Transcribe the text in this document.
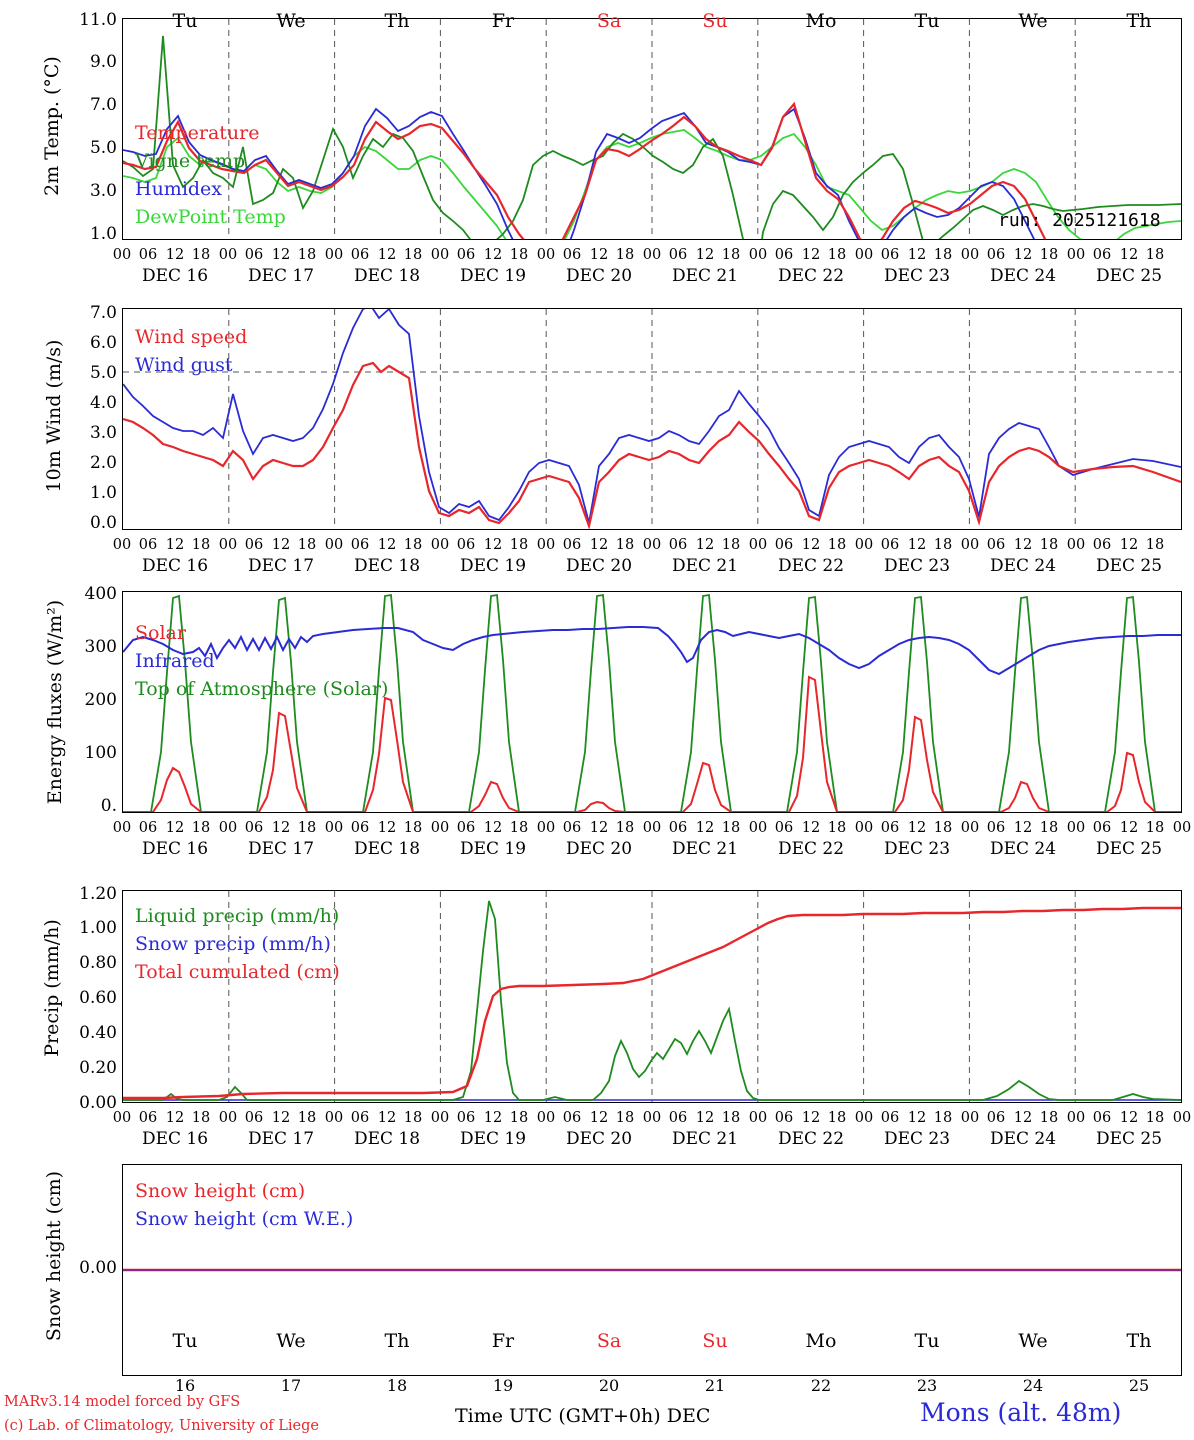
2m Temp. (°C)
11.0
9.0
7.0
5.0
3.0
1.0
Temperature
Vigne temp
Humidex
DewPoint Temp	run: 2025121618
Tu	We	Th	Fr	Sa	Su	Mo	Tu	We	Th
00 06 12 18 00 06 12 18 00 06 12 18 00 06 12 18 00 06 12 18 00 06 12 18 00 06 12 18 00 06 12 18 00 06 12 18 00 06 12 18
DEC 16	DEC 17	DEC 18	DEC 19	DEC 20	DEC 21	DEC 22	DEC 23	DEC 24	DEC 25
10m Wind (m/s)
7.0
6.0
5.0
4.0
3.0
2.0
1.0
0.0
Wind speed
Wind gust
00 06 12 18 00 06 12 18 00 06 12 18 00 06 12 18 00 06 12 18 00 06 12 18 00 06 12 18 00 06 12 18 00 06 12 18 00 06 12 18
DEC 16	DEC 17	DEC 18	DEC 19	DEC 20	DEC 21	DEC 22	DEC 23	DEC 24	DEC 25
Energy fluxes (W/m²)
400
300
200
100
0.
Solar
Infrared
Top of Atmosphere (Solar)
00 06 12 18 00 06 12 18 00 06 12 18 00 06 12 18 00 06 12 18 00 06 12 18 00 06 12 18 00 06 12 18 00 06 12 18 00 06 12 18 00
DEC 16	DEC 17	DEC 18	DEC 19	DEC 20	DEC 21	DEC 22	DEC 23	DEC 24	DEC 25
Precip (mm/h)
1.20
1.00
0.80
0.60
0.40
0.20
0.00
Liquid precip (mm/h)
Snow precip (mm/h)
Total cumulated (cm)
00 06 12 18 00 06 12 18 00 06 12 18 00 06 12 18 00 06 12 18 00 06 12 18 00 06 12 18 00 06 12 18 00 06 12 18 00 06 12 18 00
DEC 16	DEC 17	DEC 18	DEC 19	DEC 20	DEC 21	DEC 22	DEC 23	DEC 24	DEC 25
Snow height (cm) 0.00
Snow height (cm)
Snow height (cm W.E.)
Tu	We	Th	Fr	Sa	Su	Mo	Tu	We	Th
16	17	18	19	20	21	22	23	24	25
MARv3.14 model forced by GFS
(c) Lab. of Climatology, University of Liege	Time UTC (GMT+0h) DEC	Mons (alt. 48m)
